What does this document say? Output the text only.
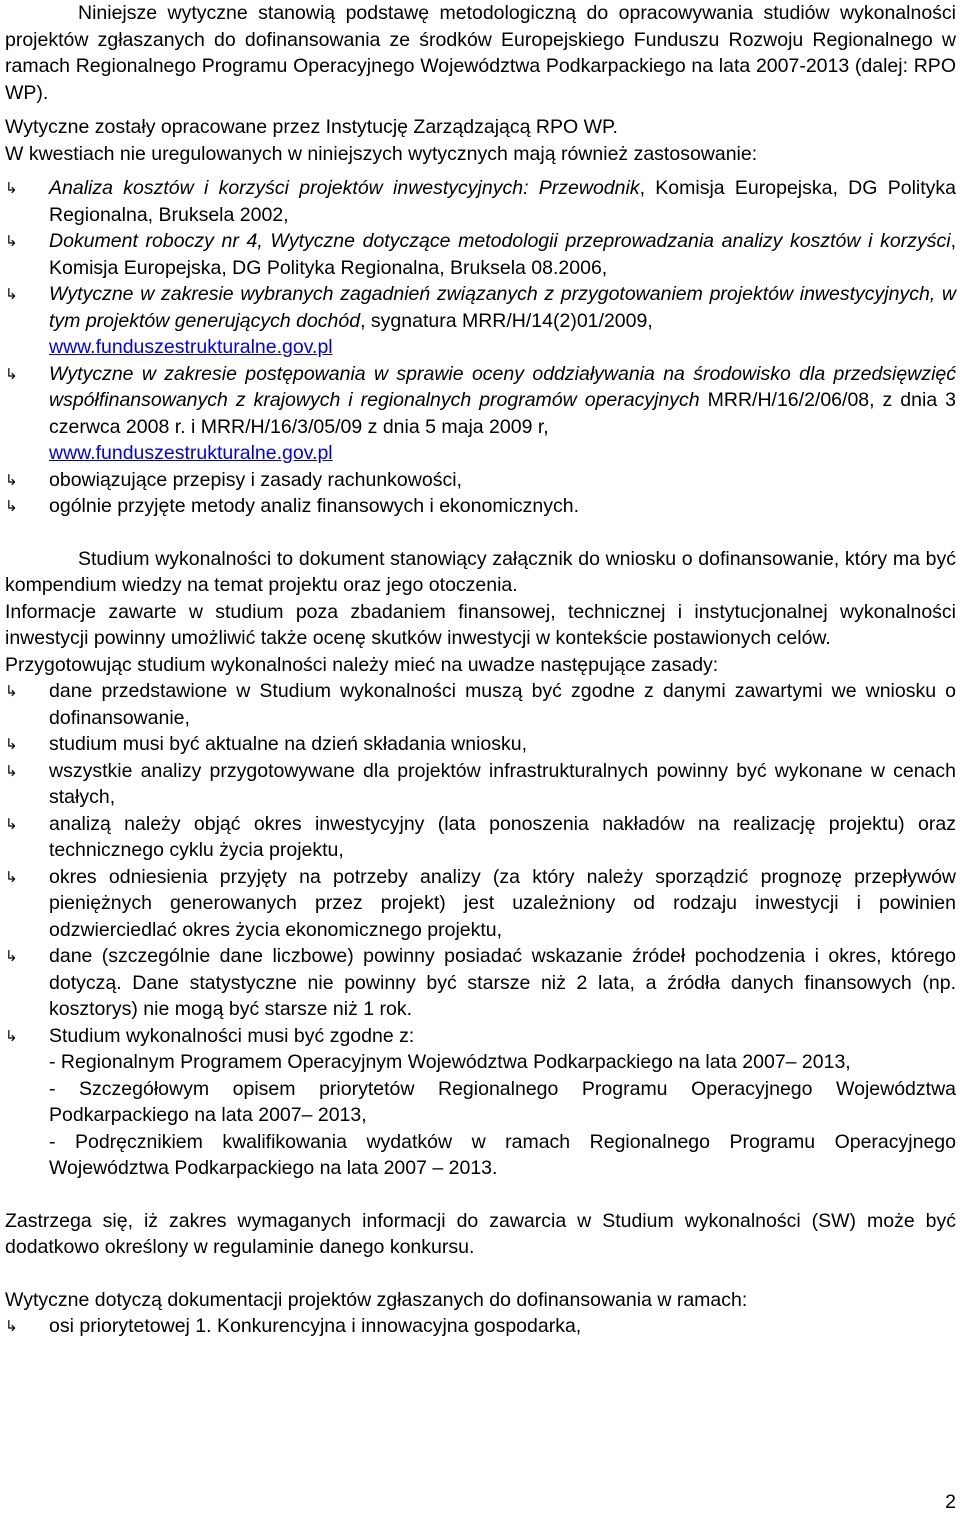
Niniejsze wytyczne stanowią podstawę metodologiczną do opracowywania studiów wykonalności projektów zgłaszanych do dofinansowania ze środków Europejskiego Funduszu Rozwoju Regionalnego w ramach Regionalnego Programu Operacyjnego Województwa Podkarpackiego na lata 2007-2013 (dalej: RPO WP).

Wytyczne zostały opracowane przez Instytucję Zarządzającą RPO WP.

W kwestiach nie uregulowanych w niniejszych wytycznych mają również zastosowanie:

↳	Analiza kosztów i korzyści projektów inwestycyjnych: Przewodnik, Komisja Europejska, DG Polityka Regionalna, Bruksela 2002,
↳	Dokument roboczy nr 4, Wytyczne dotyczące metodologii przeprowadzania analizy kosztów i korzyści, Komisja Europejska, DG Polityka Regionalna, Bruksela 08.2006,
↳	Wytyczne w zakresie wybranych zagadnień związanych z przygotowaniem projektów inwestycyjnych, w tym projektów generujących dochód, sygnatura MRR/H/14(2)01/2009,
www.funduszestrukturalne.gov.pl
↳	Wytyczne w zakresie postępowania w sprawie oceny oddziaływania na środowisko dla przedsięwzięć współfinansowanych z krajowych i regionalnych programów operacyjnych MRR/H/16/2/06/08, z dnia 3 czerwca 2008 r. i MRR/H/16/3/05/09 z dnia 5 maja 2009 r,
www.funduszestrukturalne.gov.pl
↳	obowiązujące przepisy i zasady rachunkowości,
↳	ogólnie przyjęte metody analiz finansowych i ekonomicznych.

Studium wykonalności to dokument stanowiący załącznik do wniosku o dofinansowanie, który ma być kompendium wiedzy na temat projektu oraz jego otoczenia.

Informacje zawarte w studium poza zbadaniem finansowej, technicznej i instytucjonalnej wykonalności inwestycji powinny umożliwić także ocenę skutków inwestycji w kontekście postawionych celów.

Przygotowując studium wykonalności należy mieć na uwadze następujące zasady:

↳	dane przedstawione w Studium wykonalności muszą być zgodne z danymi zawartymi we wniosku o dofinansowanie,
↳	studium musi być aktualne na dzień składania wniosku,
↳	wszystkie analizy przygotowywane dla projektów infrastrukturalnych powinny być wykonane w cenach stałych,
↳	analizą należy objąć okres inwestycyjny (lata ponoszenia nakładów na realizację projektu) oraz technicznego cyklu życia projektu,
↳	okres odniesienia przyjęty na potrzeby analizy (za który należy sporządzić prognozę przepływów pieniężnych generowanych przez projekt) jest uzależniony od rodzaju inwestycji i powinien odzwierciedlać okres życia ekonomicznego projektu,
↳	dane (szczególnie dane liczbowe) powinny posiadać wskazanie źródeł pochodzenia i okres, którego dotyczą. Dane statystyczne nie powinny być starsze niż 2 lata, a źródła danych finansowych (np. kosztorys) nie mogą być starsze niż 1 rok.
↳	Studium wykonalności musi być zgodne z:
- Regionalnym Programem Operacyjnym Województwa Podkarpackiego na lata 2007– 2013,
- Szczegółowym opisem priorytetów Regionalnego Programu Operacyjnego Województwa Podkarpackiego na lata 2007– 2013,
- Podręcznikiem kwalifikowania wydatków w ramach Regionalnego Programu Operacyjnego Województwa Podkarpackiego na lata 2007 – 2013.

Zastrzega się, iż zakres wymaganych informacji do zawarcia w Studium wykonalności (SW) może być dodatkowo określony w regulaminie danego konkursu.

Wytyczne dotyczą dokumentacji projektów zgłaszanych do dofinansowania w ramach:

↳	osi priorytetowej 1. Konkurencyjna i innowacyjna gospodarka,
2
